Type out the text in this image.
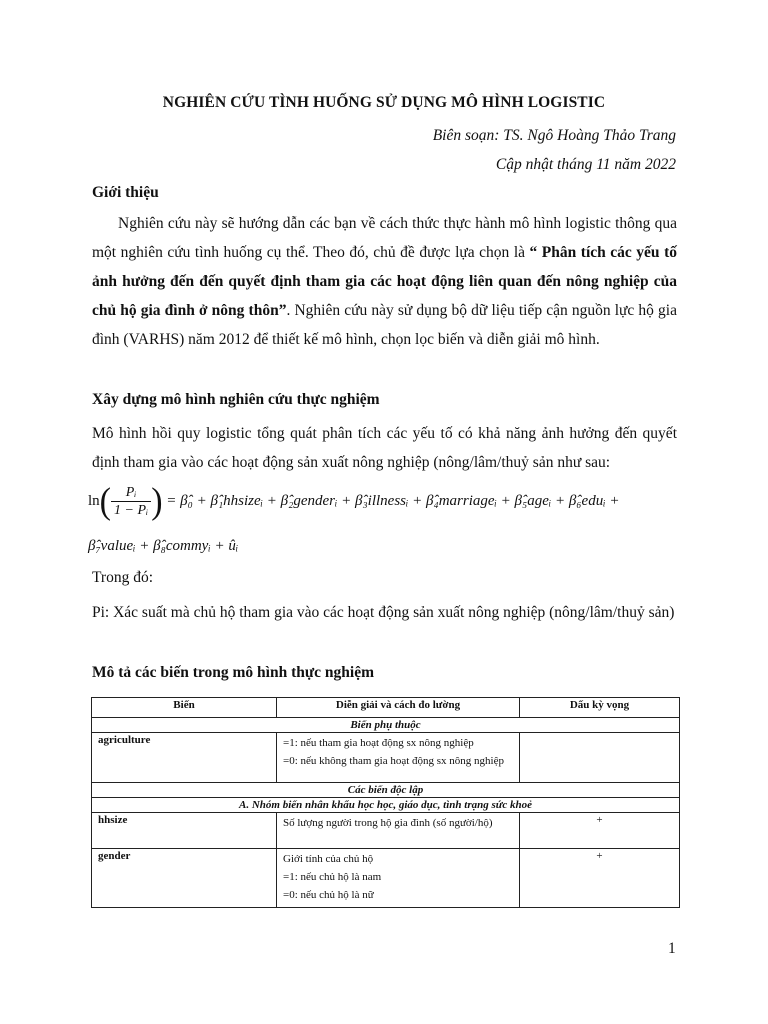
NGHIÊN CỨU TÌNH HUỐNG SỬ DỤNG MÔ HÌNH LOGISTIC
Biên soạn: TS. Ngô Hoàng Thảo Trang
Cập nhật tháng 11 năm 2022
Giới thiệu
Nghiên cứu này sẽ hướng dẫn các bạn về cách thức thực hành mô hình logistic thông qua một nghiên cứu tình huống cụ thể. Theo đó, chủ đề được lựa chọn là “ Phân tích các yếu tố ảnh hưởng đến đến quyết định tham gia các hoạt động liên quan đến nông nghiệp của chủ hộ gia đình ở nông thôn”. Nghiên cứu này sử dụng bộ dữ liệu tiếp cận nguồn lực hộ gia đình (VARHS) năm 2012 để thiết kế mô hình, chọn lọc biến và diễn giải mô hình.
Xây dựng mô hình nghiên cứu thực nghiệm
Mô hình hồi quy logistic tổng quát phân tích các yếu tố có khả năng ảnh hưởng đến quyết định tham gia vào các hoạt động sản xuất nông nghiệp (nông/lâm/thuỷ sản như sau:
$\ln( \frac{\text{Pᵢ}}{\text{1 − Pᵢ}}$ ) = β̂₀ + β̂₁hhsizeᵢ + β̂₂genderᵢ + β̂₃illnessᵢ + β̂₄marriageᵢ + β̂₅ageᵢ + β̂₆eduᵢ +
β̂₇valueᵢ + β̂₈commyᵢ + ûᵢ
Trong đó:
Pi: Xác suất mà chủ hộ tham gia vào các hoạt động sản xuất nông nghiệp (nông/lâm/thuỷ sản)
Mô tả các biến trong mô hình thực nghiệm
Biến	Diễn giải và cách đo lường	Dấu kỳ vọng
Biến phụ thuộc		
agriculture	=1: nếu tham gia hoạt động sx nông nghiệp
=0: nếu không tham gia hoạt động sx nông nghiệp	

Các biến độc lập		
A. Nhóm biến nhân khẩu học học, giáo dục, tình trạng sức khoẻ		
hhsize	Số lượng người trong hộ gia đình (số người/hộ)	+
gender	Giới tính của chủ hộ
=1: nếu chủ hộ là nam
=0: nếu chủ hộ là nữ	+
1
